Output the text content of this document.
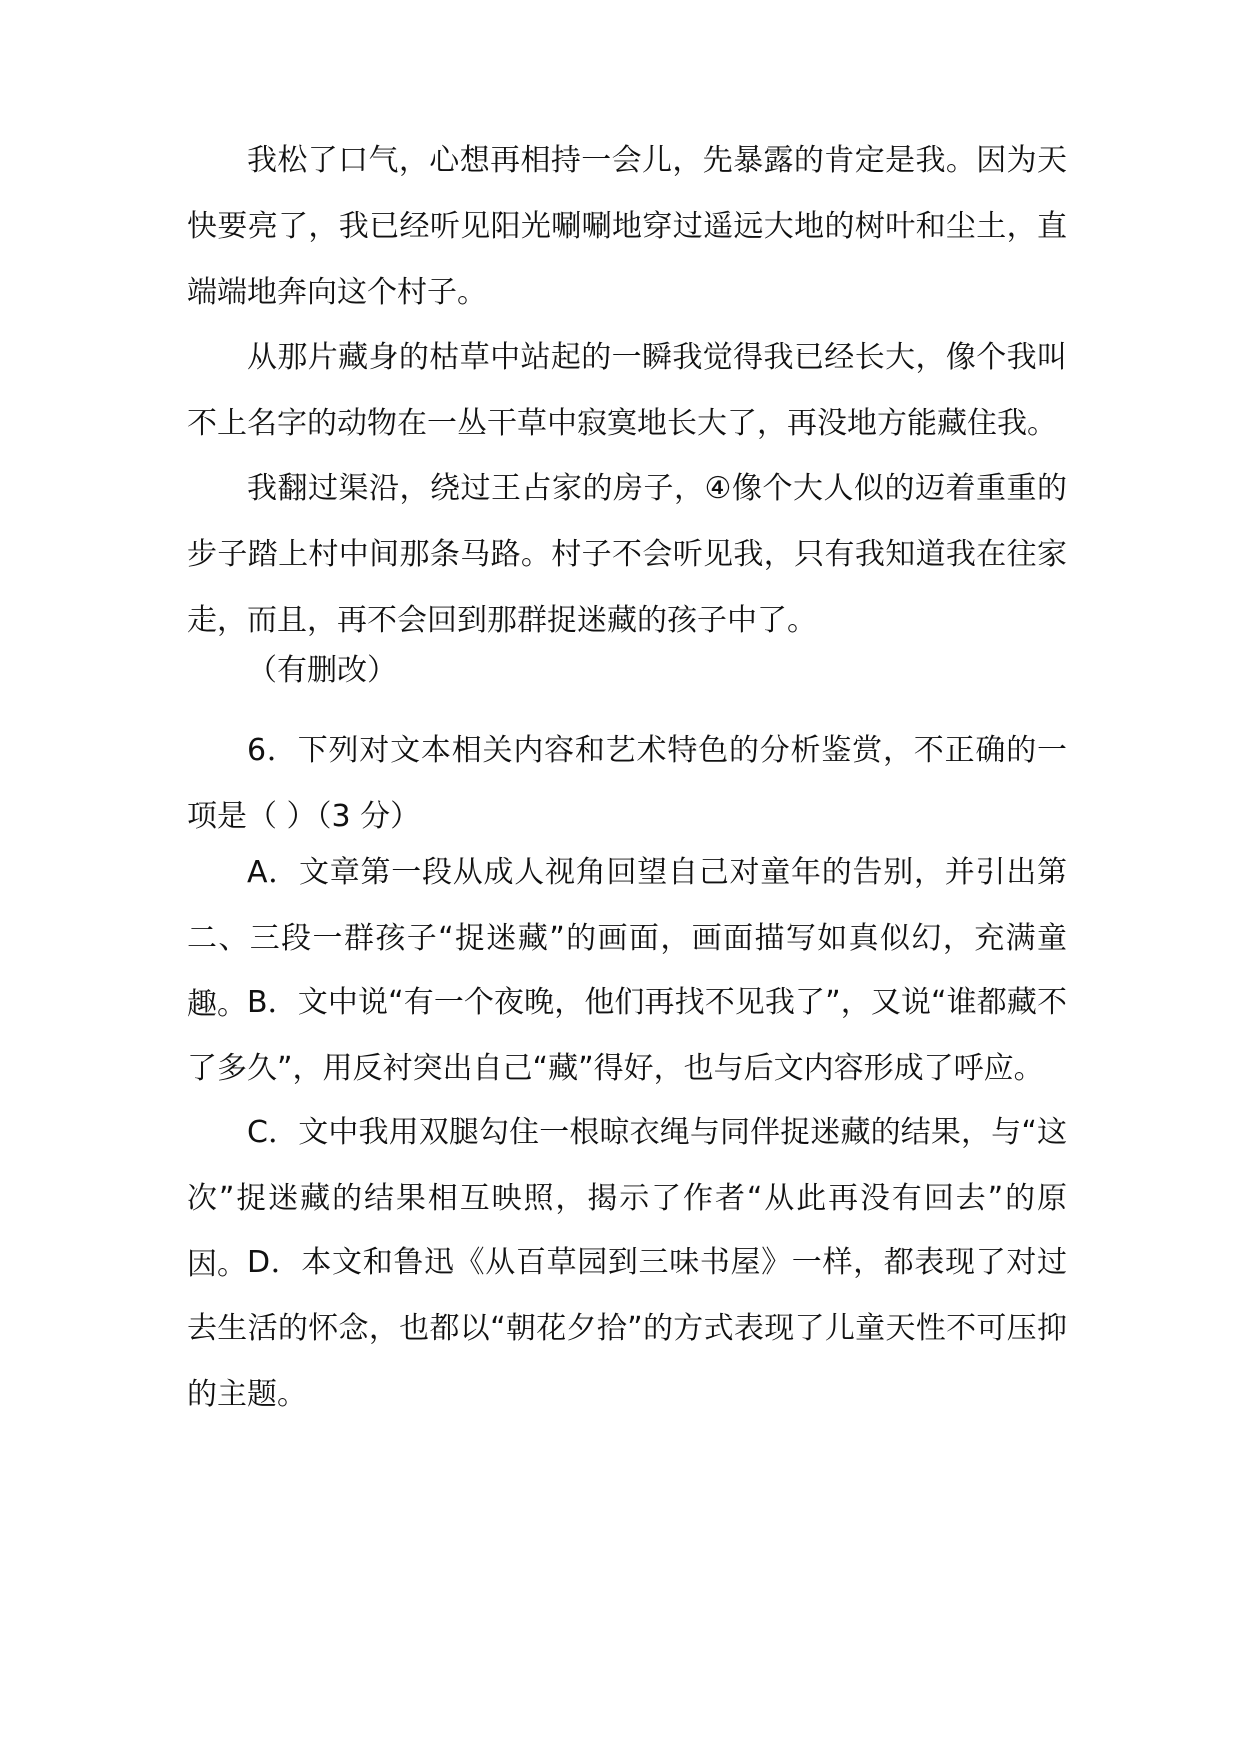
我松了口气，心想再相持一会儿，先暴露的肯定是我。因为天快要亮了，我已经听见阳光唰唰地穿过遥远大地的树叶和尘土，直端端地奔向这个村子。

从那片藏身的枯草中站起的一瞬我觉得我已经长大，像个我叫不上名字的动物在一丛干草中寂寞地长大了，再没地方能藏住我。

我翻过渠沿，绕过王占家的房子，④像个大人似的迈着重重的步子踏上村中间那条马路。村子不会听见我，只有我知道我在往家走，而且，再不会回到那群捉迷藏的孩子中了。

（有删改）

6．下列对文本相关内容和艺术特色的分析鉴赏，不正确的一项是（ ）（3 分）

A．文章第一段从成人视角回望自己对童年的告别，并引出第二、三段一群孩子“捉迷藏”的画面，画面描写如真似幻，充满童趣。 B．文中说“有一个夜晚，他们再找不见我了”，又说“谁都藏不了多久”，用反衬突出自己“藏”得好，也与后文内容形成了呼应。

C．文中我用双腿勾住一根晾衣绳与同伴捉迷藏的结果，与“这次”捉迷藏的结果相互映照，揭示了作者“从此再没有回去”的原因。 D．本文和鲁迅《从百草园到三味书屋》一样，都表现了对过去生活的怀念，也都以“朝花夕拾”的方式表现了儿童天性不可压抑的主题。
